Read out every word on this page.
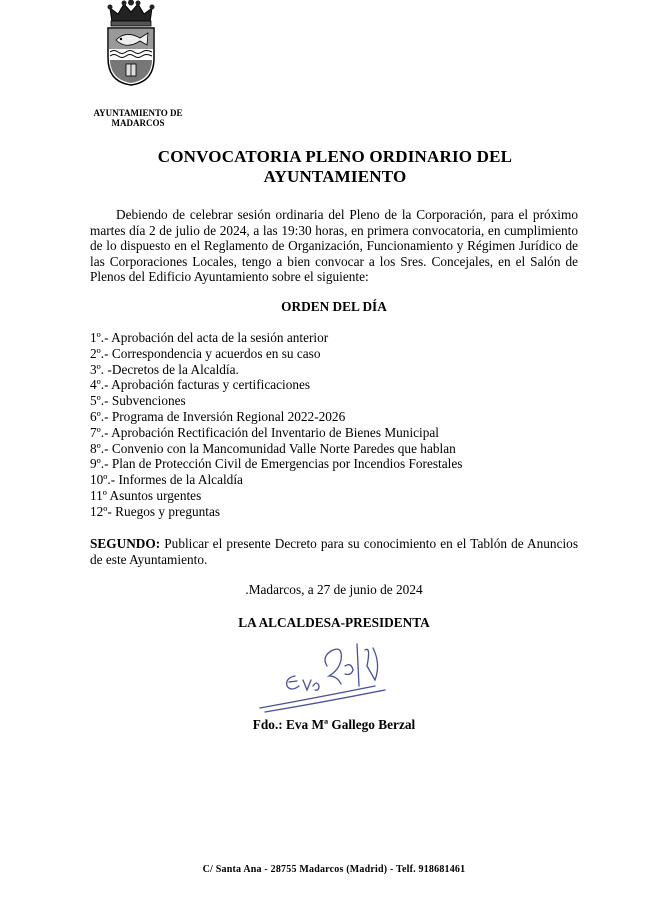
AYUNTAMIENTO DE
MADARCOS
CONVOCATORIA PLENO ORDINARIO DEL
AYUNTAMIENTO

Debiendo de celebrar sesión ordinaria del Pleno de la Corporación, para el próximo martes día 2 de julio de 2024, a las 19:30 horas, en primera convocatoria, en cumplimiento de lo dispuesto en el Reglamento de Organización, Funcionamiento y Régimen Jurídico de las Corporaciones Locales, tengo a bien convocar a los Sres. Concejales, en el Salón de Plenos del Edificio Ayuntamiento sobre el siguiente:

ORDEN DEL DÍA
1º.- Aprobación del acta de la sesión anterior
2º.- Correspondencia y acuerdos en su caso
3º. -Decretos de la Alcaldía.
4º.- Aprobación facturas y certificaciones
5º.- Subvenciones
6º.- Programa de Inversión Regional 2022-2026
7º.- Aprobación Rectificación del Inventario de Bienes Municipal
8º.- Convenio con la Mancomunidad Valle Norte Paredes que hablan
9º.- Plan de Protección Civil de Emergencias por Incendios Forestales
10º.- Informes de la Alcaldía
11º Asuntos urgentes
12º- Ruegos y preguntas

SEGUNDO: Publicar el presente Decreto para su conocimiento en el Tablón de Anuncios de este Ayuntamiento.

.Madarcos, a 27 de junio de 2024
LA ALCALDESA-PRESIDENTA
Fdo.: Eva Mª Gallego Berzal
C/ Santa Ana - 28755 Madarcos (Madrid) - Telf. 918681461
